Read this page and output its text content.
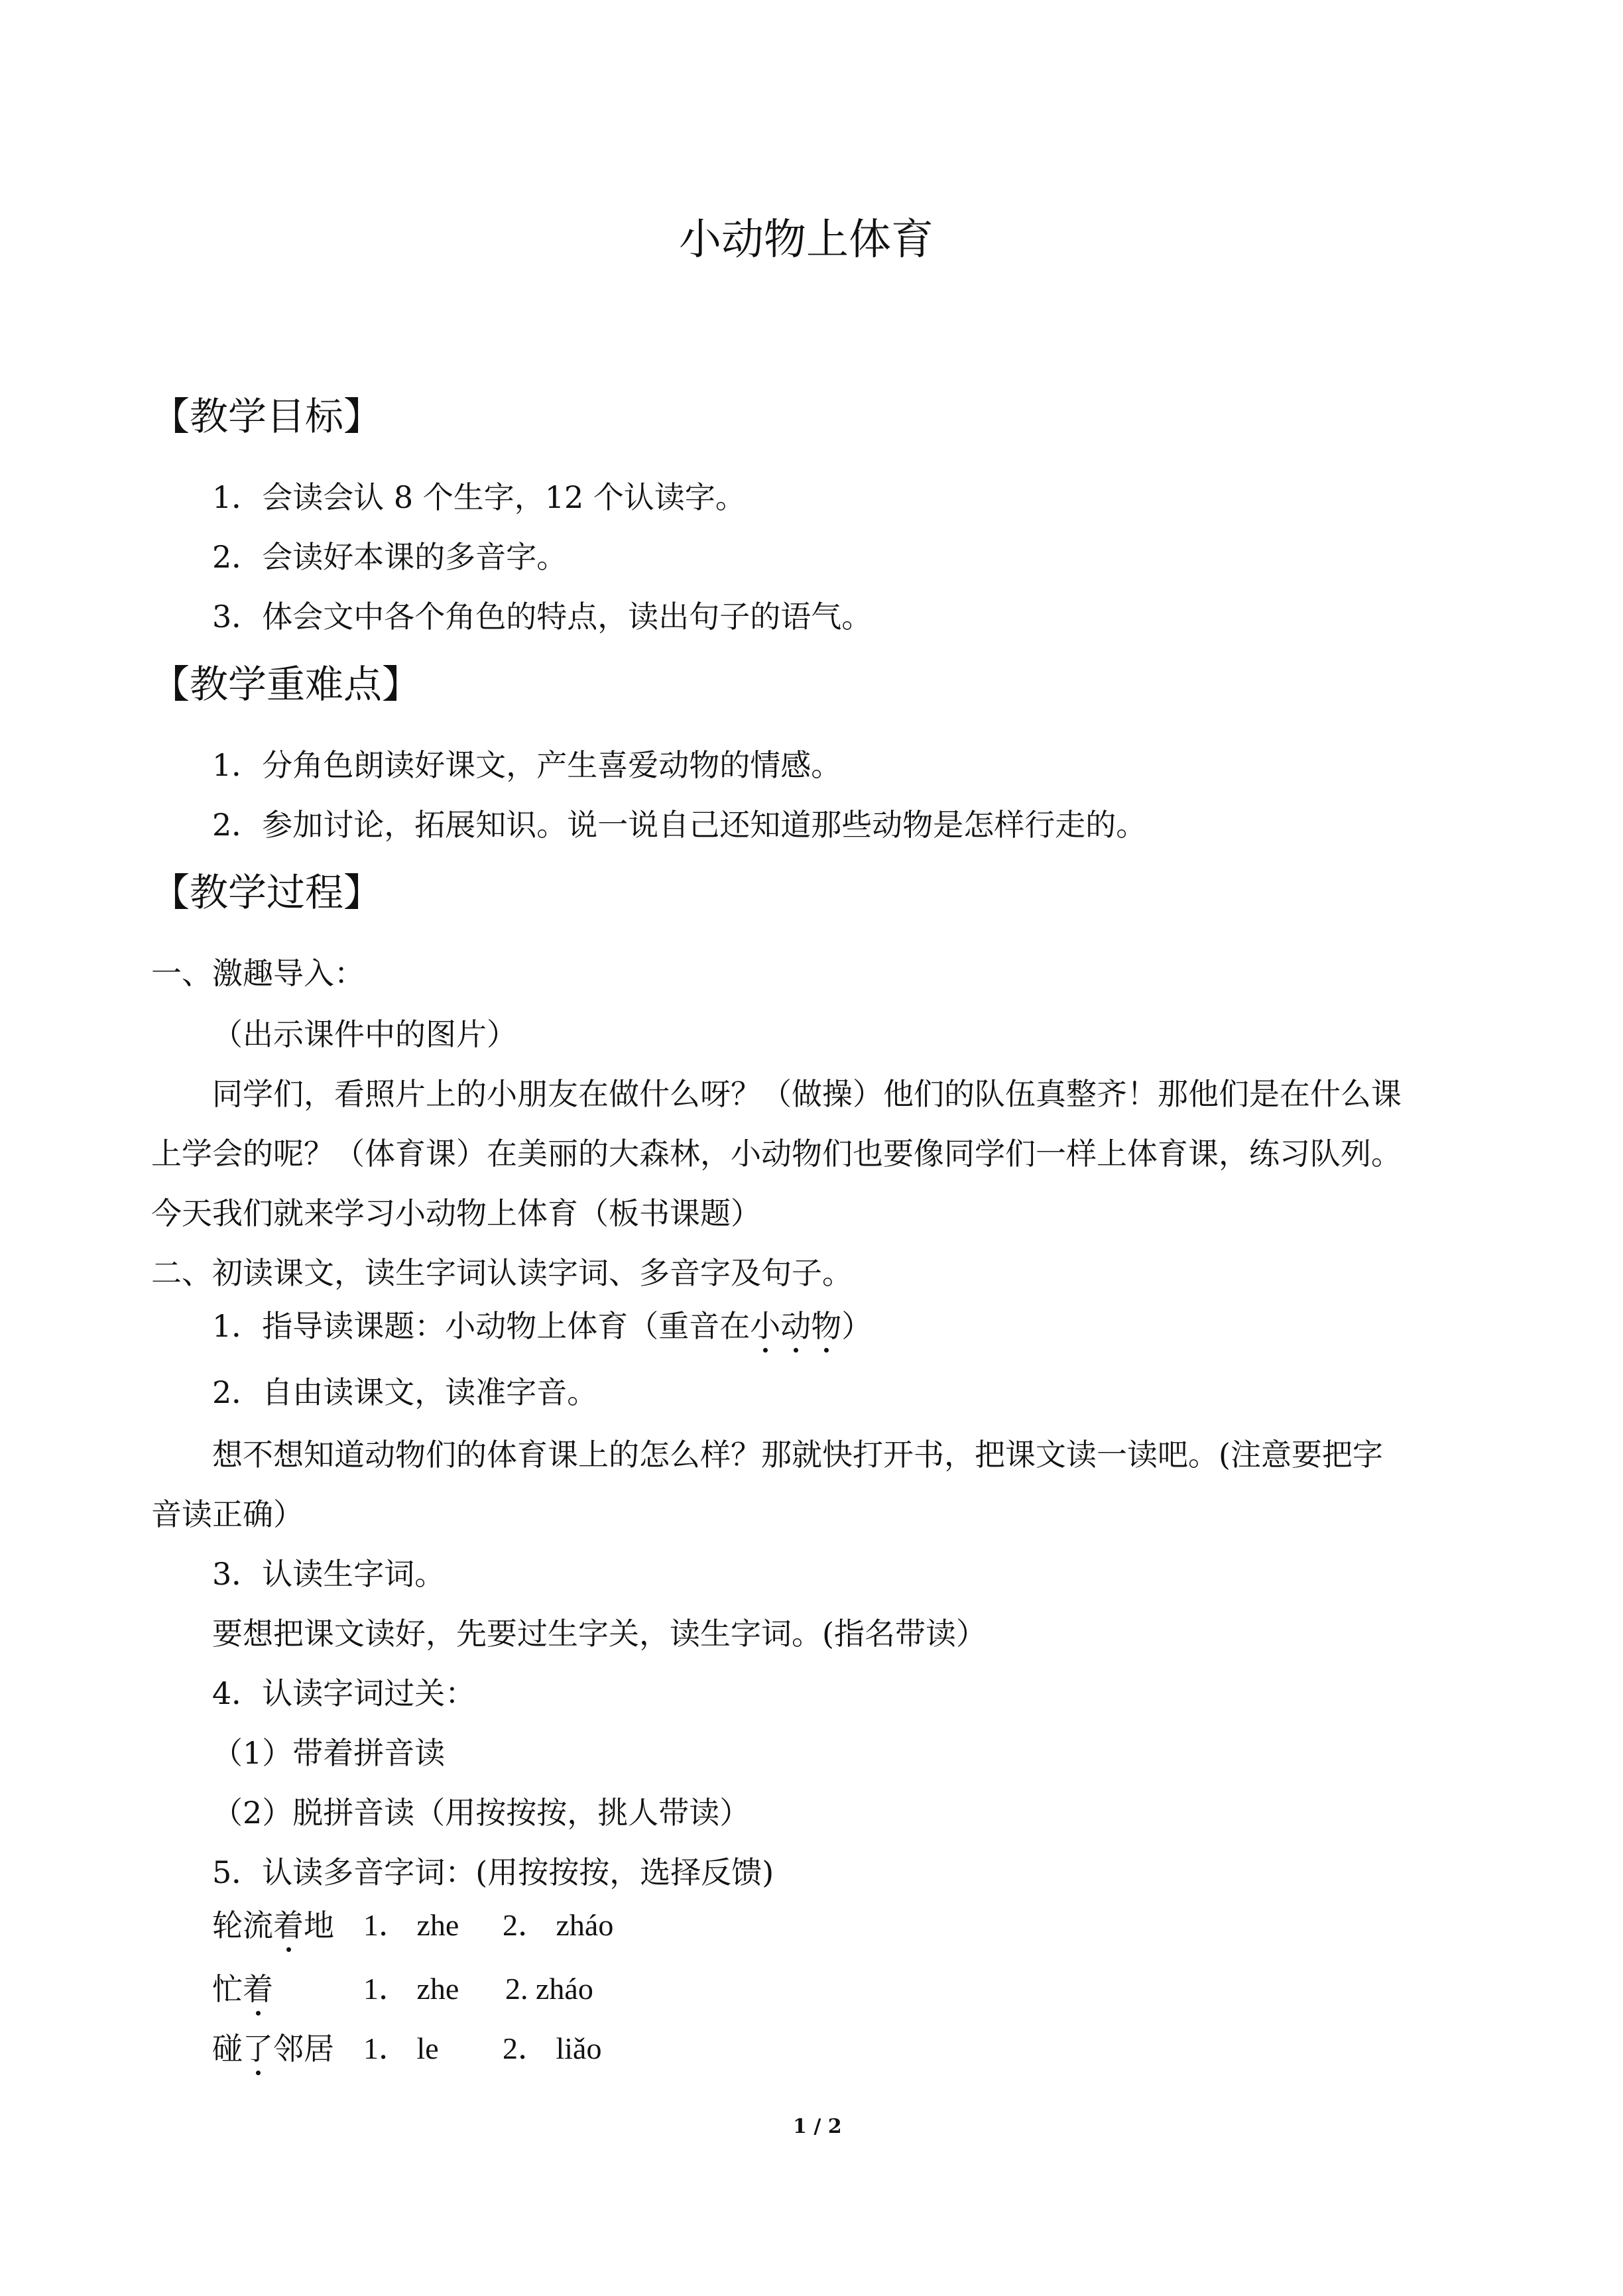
小动物上体育
【教学目标】
1．会读会认 8 个生字，12 个认读字。
2．会读好本课的多音字。
3．体会文中各个角色的特点，读出句子的语气。
【教学重难点】
1．分角色朗读好课文，产生喜爱动物的情感。
2．参加讨论，拓展知识。说一说自己还知道那些动物是怎样行走的。
【教学过程】
一、激趣导入：
（出示课件中的图片）
同学们，看照片上的小朋友在做什么呀？（做操）他们的队伍真整齐！那他们是在什么课
上学会的呢？（体育课）在美丽的大森林，小动物们也要像同学们一样上体育课，练习队列。
今天我们就来学习小动物上体育（板书课题）
二、初读课文，读生字词认读字词、多音字及句子。
1．指导读课题：小动物上体育（重音在小动物）
2．自由读课文，读准字音。
想不想知道动物们的体育课上的怎么样？那就快打开书，把课文读一读吧。(注意要把字
音读正确）
3．认读生字词。
要想把课文读好，先要过生字关，读生字词。(指名带读）
4．认读字词过关：
（1）带着拼音读
（2）脱拼音读（用按按按，挑人带读）
5．认读多音字词：(用按按按，选择反馈)
轮流着地 1． zhe 2． zháo
忙着	1． zhe 2. zháo
碰了邻居 1． le 2． liǎo
1 / 2
